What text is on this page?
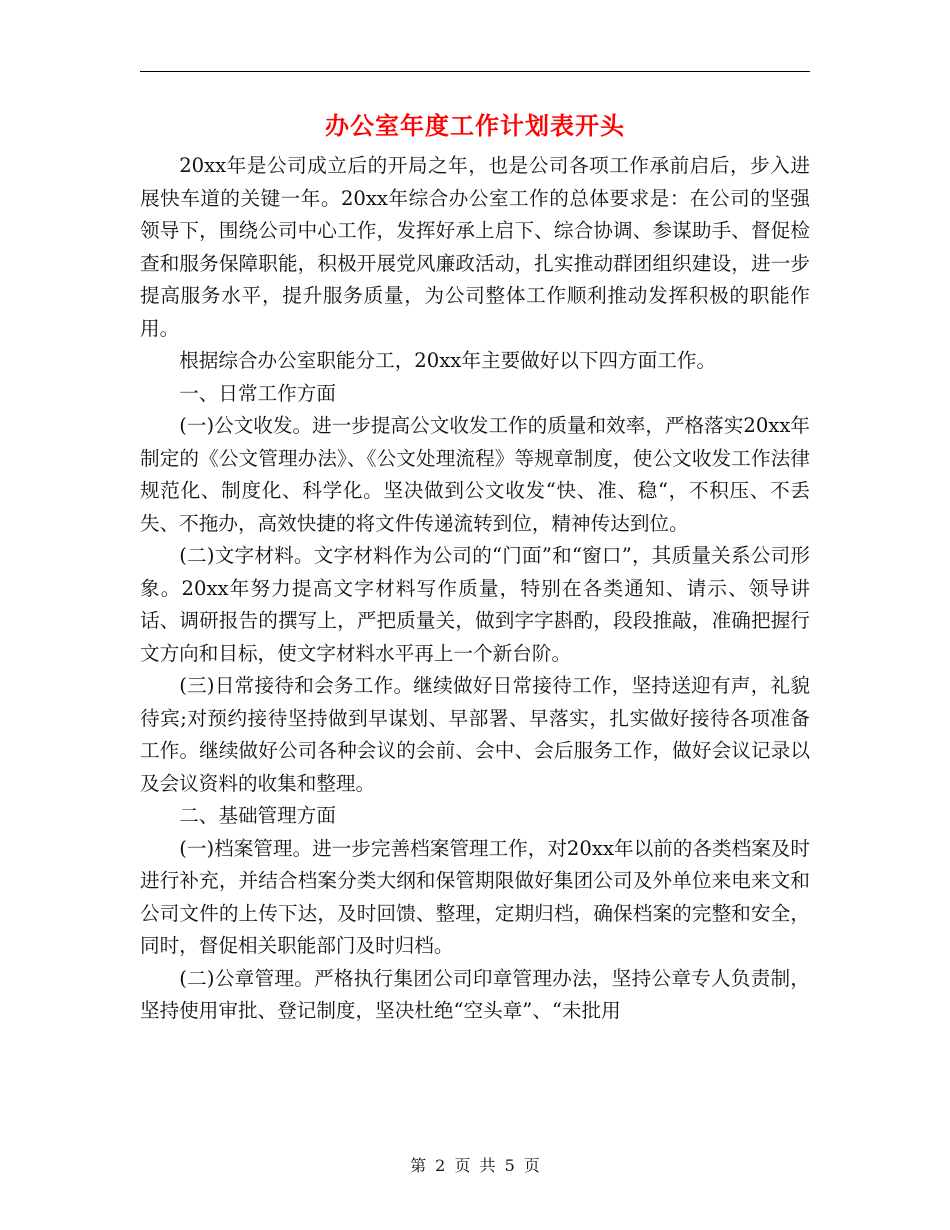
办公室年度工作计划表开头

20xx年是公司成立后的开局之年，也是公司各项工作承前启后，步入进展快车道的关键一年。20xx年综合办公室工作的总体要求是：在公司的坚强领导下，围绕公司中心工作，发挥好承上启下、综合协调、参谋助手、督促检查和服务保障职能，积极开展党风廉政活动，扎实推动群团组织建设，进一步提高服务水平，提升服务质量，为公司整体工作顺利推动发挥积极的职能作用。

根据综合办公室职能分工，20xx年主要做好以下四方面工作。

一、日常工作方面

(一)公文收发。进一步提高公文收发工作的质量和效率，严格落实20xx年制定的《公文管理办法》、《公文处理流程》等规章制度，使公文收发工作法律规范化、制度化、科学化。坚决做到公文收发“快、准、稳“，不积压、不丢失、不拖办，高效快捷的将文件传递流转到位，精神传达到位。

(二)文字材料。文字材料作为公司的“门面”和“窗口”，其质量关系公司形象。20xx年努力提高文字材料写作质量，特别在各类通知、请示、领导讲话、调研报告的撰写上，严把质量关，做到字字斟酌，段段推敲，准确把握行文方向和目标，使文字材料水平再上一个新台阶。

(三)日常接待和会务工作。继续做好日常接待工作，坚持送迎有声，礼貌待宾;对预约接待坚持做到早谋划、早部署、早落实，扎实做好接待各项准备工作。继续做好公司各种会议的会前、会中、会后服务工作，做好会议记录以及会议资料的收集和整理。

二、基础管理方面

(一)档案管理。进一步完善档案管理工作，对20xx年以前的各类档案及时进行补充，并结合档案分类大纲和保管期限做好集团公司及外单位来电来文和公司文件的上传下达，及时回馈、整理，定期归档，确保档案的完整和安全，同时，督促相关职能部门及时归档。

(二)公章管理。严格执行集团公司印章管理办法，坚持公章专人负责制，坚持使用审批、登记制度，坚决杜绝“空头章”、“未批用

第 2 页 共 5 页
